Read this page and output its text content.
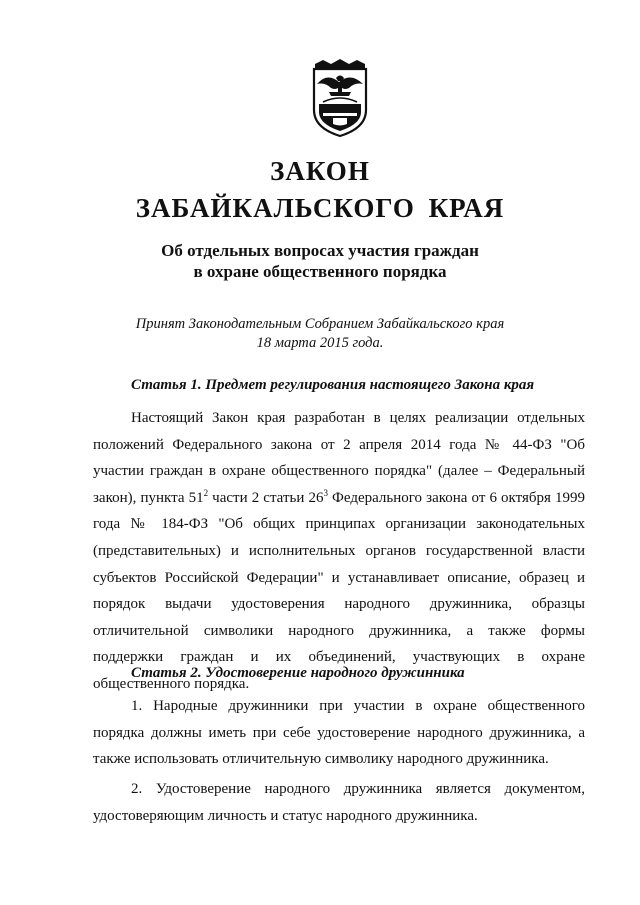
ЗАКОН
ЗАБАЙКАЛЬСКОГО КРАЯ
Об отдельных вопросах участия граждан
в охране общественного порядка
Принят Законодательным Собранием Забайкальского края
18 марта 2015 года.
Статья 1. Предмет регулирования настоящего Закона края

Настоящий Закон края разработан в целях реализации отдельных положений Федерального закона от 2 апреля 2014 года № 44-ФЗ "Об участии граждан в охране общественного порядка" (далее – Федеральный закон), пункта $51^2$ части 2 статьи $26^3$ Федерального закона от 6 октября 1999 года № 184-ФЗ "Об общих принципах организации законодательных (представительных) и исполнительных органов государственной власти субъектов Российской Федерации" и устанавливает описание, образец и порядок выдачи удостоверения народного дружинника, образцы отличительной символики народного дружинника, а также формы поддержки граждан и их объединений, участвующих в охране общественного порядка.

Статья 2. Удостоверение народного дружинника

1. Народные дружинники при участии в охране общественного порядка должны иметь при себе удостоверение народного дружинника, а также использовать отличительную символику народного дружинника.

2. Удостоверение народного дружинника является документом, удостоверяющим личность и статус народного дружинника.
